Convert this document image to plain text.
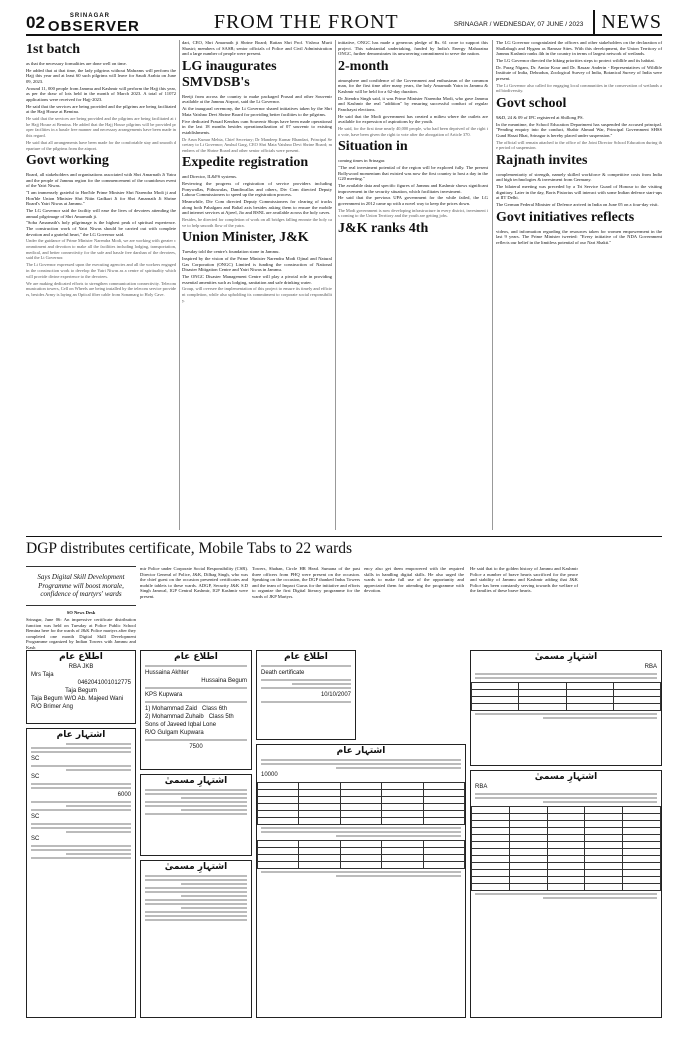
02	SRINAGAR
OBSERVER	FROM THE FRONT	SRINAGAR / WEDNESDAY, 07 JUNE / 2023 NEWS
1st batch

as that the necessary formalities are done well on time.

He added that at that time, the lady pilgrims without Mahrams will perform the Hajj this year and at least 60 such pilgrims will leave for Saudi Arabia on June 09, 2023.

Around 11, 000 people from Jammu and Kashmir will perform the Hajj this year, as per the draw of lots held in the month of March 2023. A total of 11072 applications were received for Hajj-2023.

He said that the services are being provided and the pilgrims are being facilitated at the Hajj House at Bemina.

He said that the services are being provided and the pilgrims are being facilitated at the Hajj House at Bemina. He added that the Hajj House pilgrims will be provided proper facilities in a hassle free manner and necessary arrangements have been made in this regard.
He said that all arrangements have been made for the comfortable stay and smooth departure of the pilgrims from the airport.
Govt working

Board, all stakeholders and organisations associated with Shri Amarnath Ji Yatra and the people of Jammu region for the commencement of the countdown event of the Yatri Niwas.

"I am immensely grateful to Hon'ble Prime Minister Shri Narendra Modi ji and Hon'ble Union Minister Shri Nitin Gadkari Ji for Shri Amarnath Ji Shrine Board's Yatri Niwas at Jammu."

The LG Governor said the facility will ease the lives of devotees attending the annual pilgrimage of Shri Amarnath ji.

"Soba Amarnath's holy pilgrimage is the highest peak of spiritual experience. The construction work of Yatri Niwas should be carried out with complete devotion and a grateful heart," the LG Governor said.

Under the guidance of Prime Minister Narendra Modi, we are working with greater commitment and devotion to make all the facilities including lodging, transportation, medical, and better connectivity for the safe and hassle free darshan of the devotees, said the Lt Governor.
The Lt Governor expressed upon the executing agencies and all the workers engaged in the construction work to develop the Yatri Niwas as a centre of spirituality which will provide divine experience to the devotees.
We are making dedicated efforts to strengthen communication connectivity. Telecommunication towers, Cell on Wheels are being installed by the telecom service providers, besides Army is laying an Optical fiber cable from Sonamarg to Holy Cave.

dari, CEO, Shri Amarnath ji Shrine Board; Rattan Shri Prof. Vishwa Murti Shastri; members of SASB; senior officials of Police and Civil Administration and a large number of people were present.

LG inaugurates SMVDSB's

Beetji from across the country to make packaged Prasad and other Souvenir available at the Jammu Airport, said the Lt Governor.

At the inaugural ceremony, the Lt Governor shared initiatives taken by the Shri Mata Vaishno Devi Shrine Board for providing better facilities to the pilgrims.

Five dedicated Prasad Kendras cum Souvenir Shops have been made operational in the last 18 months besides operationalization of 07 souvenir to existing establishments.

Dr Arun Kumar Mehta, Chief Secretary; Dr Mandeep Kumar Bhandari, Principal Secretary to Lt Governor; Anshul Garg, CEO Shri Mata Vaishno Devi Shrine Board; members of the Shrine Board and other senior officials were present.
Expedite registration

and Director, IL&FS systems.

Reviewing the progress of registration of service providers including Ponywallas, Pithuwalas, Dandiwallas and others, Div Com directed Deputy Labour Commissioners to speed up the registration process.

Meanwhile, Div Com directed Deputy Commissioners for clearing of tracks along both Pahalgam and Baltal axis besides asking them to ensure the mobile and internet services at Ajreel, Jio and BSNL are available across the holy caves.

Besides, he directed for completion of work on all bridges falling enroute the holy cave to help smooth flow of the yatra.
Union Minister, J&K

Tuesday told the centre's foundation stone in Jammu.

Inspired by the vision of the Prime Minister Narendra Modi Ojinal and Natural Gas Corporation (ONGC) Limited is funding the construction of National Disaster Mitigation Centre and Yatri Niwas in Jammu.

The ONGC Disaster Management Centre will play a pivotal role in providing essential amenities such as lodging, sanitation and safe drinking water.

Group, will oversee the implementation of this project to ensure its timely and efficient completion, while also upholding its commitment to corporate social responsibility.

initiative, ONGC has made a generous pledge of Rs. 61 crore to support this project. This substantial undertaking, funded by India's Energy Maharatna ONGC, further demonstrates its unwavering commitment to serve the nation.

2-month

atmosphere and confidence of the Government and enthusiasm of the common man, for the first time after many years, the holy Amarnath Yatra in Jammu & Kashmir will be held for a 62-day duration.

Dr Jitendra Singh said, it was Prime Minister Narendra Modi, who gave Jammu and Kashmir the real "addition" by ensuring successful conduct of regular Panchayat elections.

He said that the Modi government has created a milieu where the outlets are available for expression of aspirations by the youth.

He said, for the first time nearly 40,000 people, who had been deprived of the right to vote, have been given the right to vote after the abrogation of Article 370.
Situation in

coming times in Srinagar.

"The real investment potential of the region will be explored fully. The present Bollywood momentum that existed was now the first country to host a day in the G20 meeting."

The available data and specific figures of Jammu and Kashmir shows significant improvement in the security situation, which facilitates investment.

He said that the previous UPA government for the while failed, the LG government in 2012 came up with a novel way to keep the prices down.

The Modi government is now developing infrastructure in every district, investment is coming to the Union Territory and the youth are getting jobs.
J&K ranks 4th

The LG Governor congratulated the officers and other stakeholders on the declaration of Shallabugh and Hygam as Ramsar Sites. With this development, the Union Territory of Jammu Kashmir ranks 4th in the country in terms of largest network of wetlands.

The LG Governor directed the hiking priorities steps to protect wildlife and its habitat.

Dr. Parag Nigam, Dr. Amtar Kour and Dr. Rasaar Anderin - Representatives of Wildlife Institute of India, Dehradun, Zoological Survey of India, Botanical Survey of India were present.

The Lt Governor also called for engaging local communities in the conservation of wetlands and biodiversity.
Govt school

9&D, 24 & 09 of IPC registered at Shillong PS.

In the meantime, the School Education Department has suspended the accused principal. "Pending enquiry into the conduct, Shabir Ahmad War, Principal Government SHSS Gund Hasai Bhat, Srinagar is hereby placed under suspension."

The official will remain attached to the office of the Joint Director School Education during the period of suspension.
Rajnath invites

complementarity of strength, namely skilled workforce & competitive costs from India and high technologies & investment from Germany.

The bilateral meeting was preceded by a Tri Service Guard of Honour to the visiting dignitary. Later in the day, Boris Pistorius will interact with some Indian defence start-ups at IIT Delhi.

The German Federal Minister of Defence arrived in India on June 05 on a four-day visit.

Govt initiatives reflects

videos, and information regarding the resources taken for women empowerment in the last 9 years. The Prime Minister tweeted: "Every initiative of the NDA Government reflects our belief in the limitless potential of our Nari Shakti."

DGP distributes certificate, Mobile Tabs to 22 wards
Says Digital Skill Development Programme will boost morale, confidence of martyrs' wards
SO News Desk

Srinagar, June 06: An impressive certificate distribution function was held on Tuesday at Police Public School Bemina here for the wards of J&K Police martyrs after they completed one month Digital Skill Development Programme organized by Indian Towers with Jammu and Kash

mir Police under Corporate Social Responsibility (CSR). Director General of Police, J&K, Dilbag Singh, who was the chief guest on the occasion presented certificates and mobile tablets to these wards. ADGP, Security J&K S.D Singh Jamwal, IGP Central Kashmir, IGP Kashmir were present.

Towers, Shaban, Circle HR Head. Sumana of the past three officers from PHQ were present on the occasion. Speaking on the occasion, the DGP thanked Indus Towers and the team of Impact Gurus for the initiative and efforts to organize the first Digital literacy programme for the wards of JKP Martyrs.

ency also get them empowered with the required skills in handling digital skills. He also urged the wards to make full use of the opportunity and appreciated them for attending the programme with devotion.

He said that to the golden history of Jammu and Kashmir Police a number of brave hearts sacrificed for the peace and stability of Jammu and Kashmir adding that J&K Police has been constantly serving towards the welfare of the families of these brave hearts.

اطلاع عام
RBA JKB
Mrs Taja
0462041001012775
Taja Begum
Taja Begum W/O Ab. Majeed Wani
R/O Brimer Ang
اشتہار عام
SC
SC
6000
SC
SC
اطلاع عام
Hussaina Akhter
Hussaina Begum
KPS Kupwara
1) Mohammad Zaid Class 6th
2) Mohammad Zuhaib Class 5th
Sons of Javeed Iqbal Lone
R/O Gulgam Kupwara
7500
اشتہارِ مسمیٰ
اشتہارِ مسمیٰ
اطلاع عام
Death certificate
10/10/2007
اشتہار عام
10000

اشتہارِ مسمیٰ
RBA

اشتہارِ مسمیٰ
RBA
